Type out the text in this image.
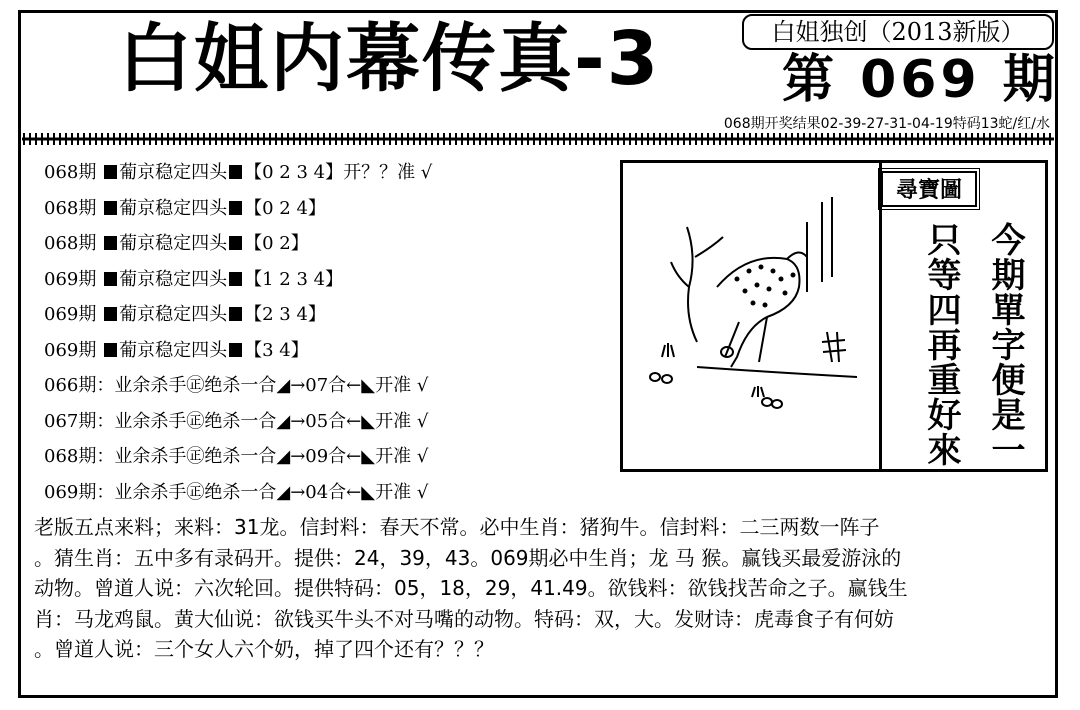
白姐内幕传真-3	白姐独创（2013新版）
第 069 期
068期开奖结果02-39-27-31-04-19特码13蛇/红/水
068期 葡京稳定四头 【0 2 3 4】开？？准 √
068期 葡京稳定四头 【0 2 4】
068期 葡京稳定四头 【0 2】
069期 葡京稳定四头 【1 2 3 4】
069期 葡京稳定四头 【2 3 4】
069期 葡京稳定四头 【3 4】
066期：业余杀手㊣绝杀一合◢→07合←◣开准 √
067期：业余杀手㊣绝杀一合◢→05合←◣开准 √
068期：业余杀手㊣绝杀一合◢→09合←◣开准 √
069期：业余杀手㊣绝杀一合◢→04合←◣开准 √
尋寶圖
今期單字便是一
只等四再重好來
老版五点来料；来料：31龙。信封料：春天不常。必中生肖：猪狗牛。信封料：二三两数一阵子
。猜生肖：五中多有录码开。提供：24，39，43。069期必中生肖；龙 马 猴。赢钱买最爱游泳的
动物。曾道人说：六次轮回。提供特码：05，18，29，41.49。欲钱料：欲钱找苦命之子。赢钱生
肖：马龙鸡鼠。黄大仙说：欲钱买牛头不对马嘴的动物。特码：双，大。发财诗：虎毒食子有何妨
。曾道人说：三个女人六个奶，掉了四个还有？？？
